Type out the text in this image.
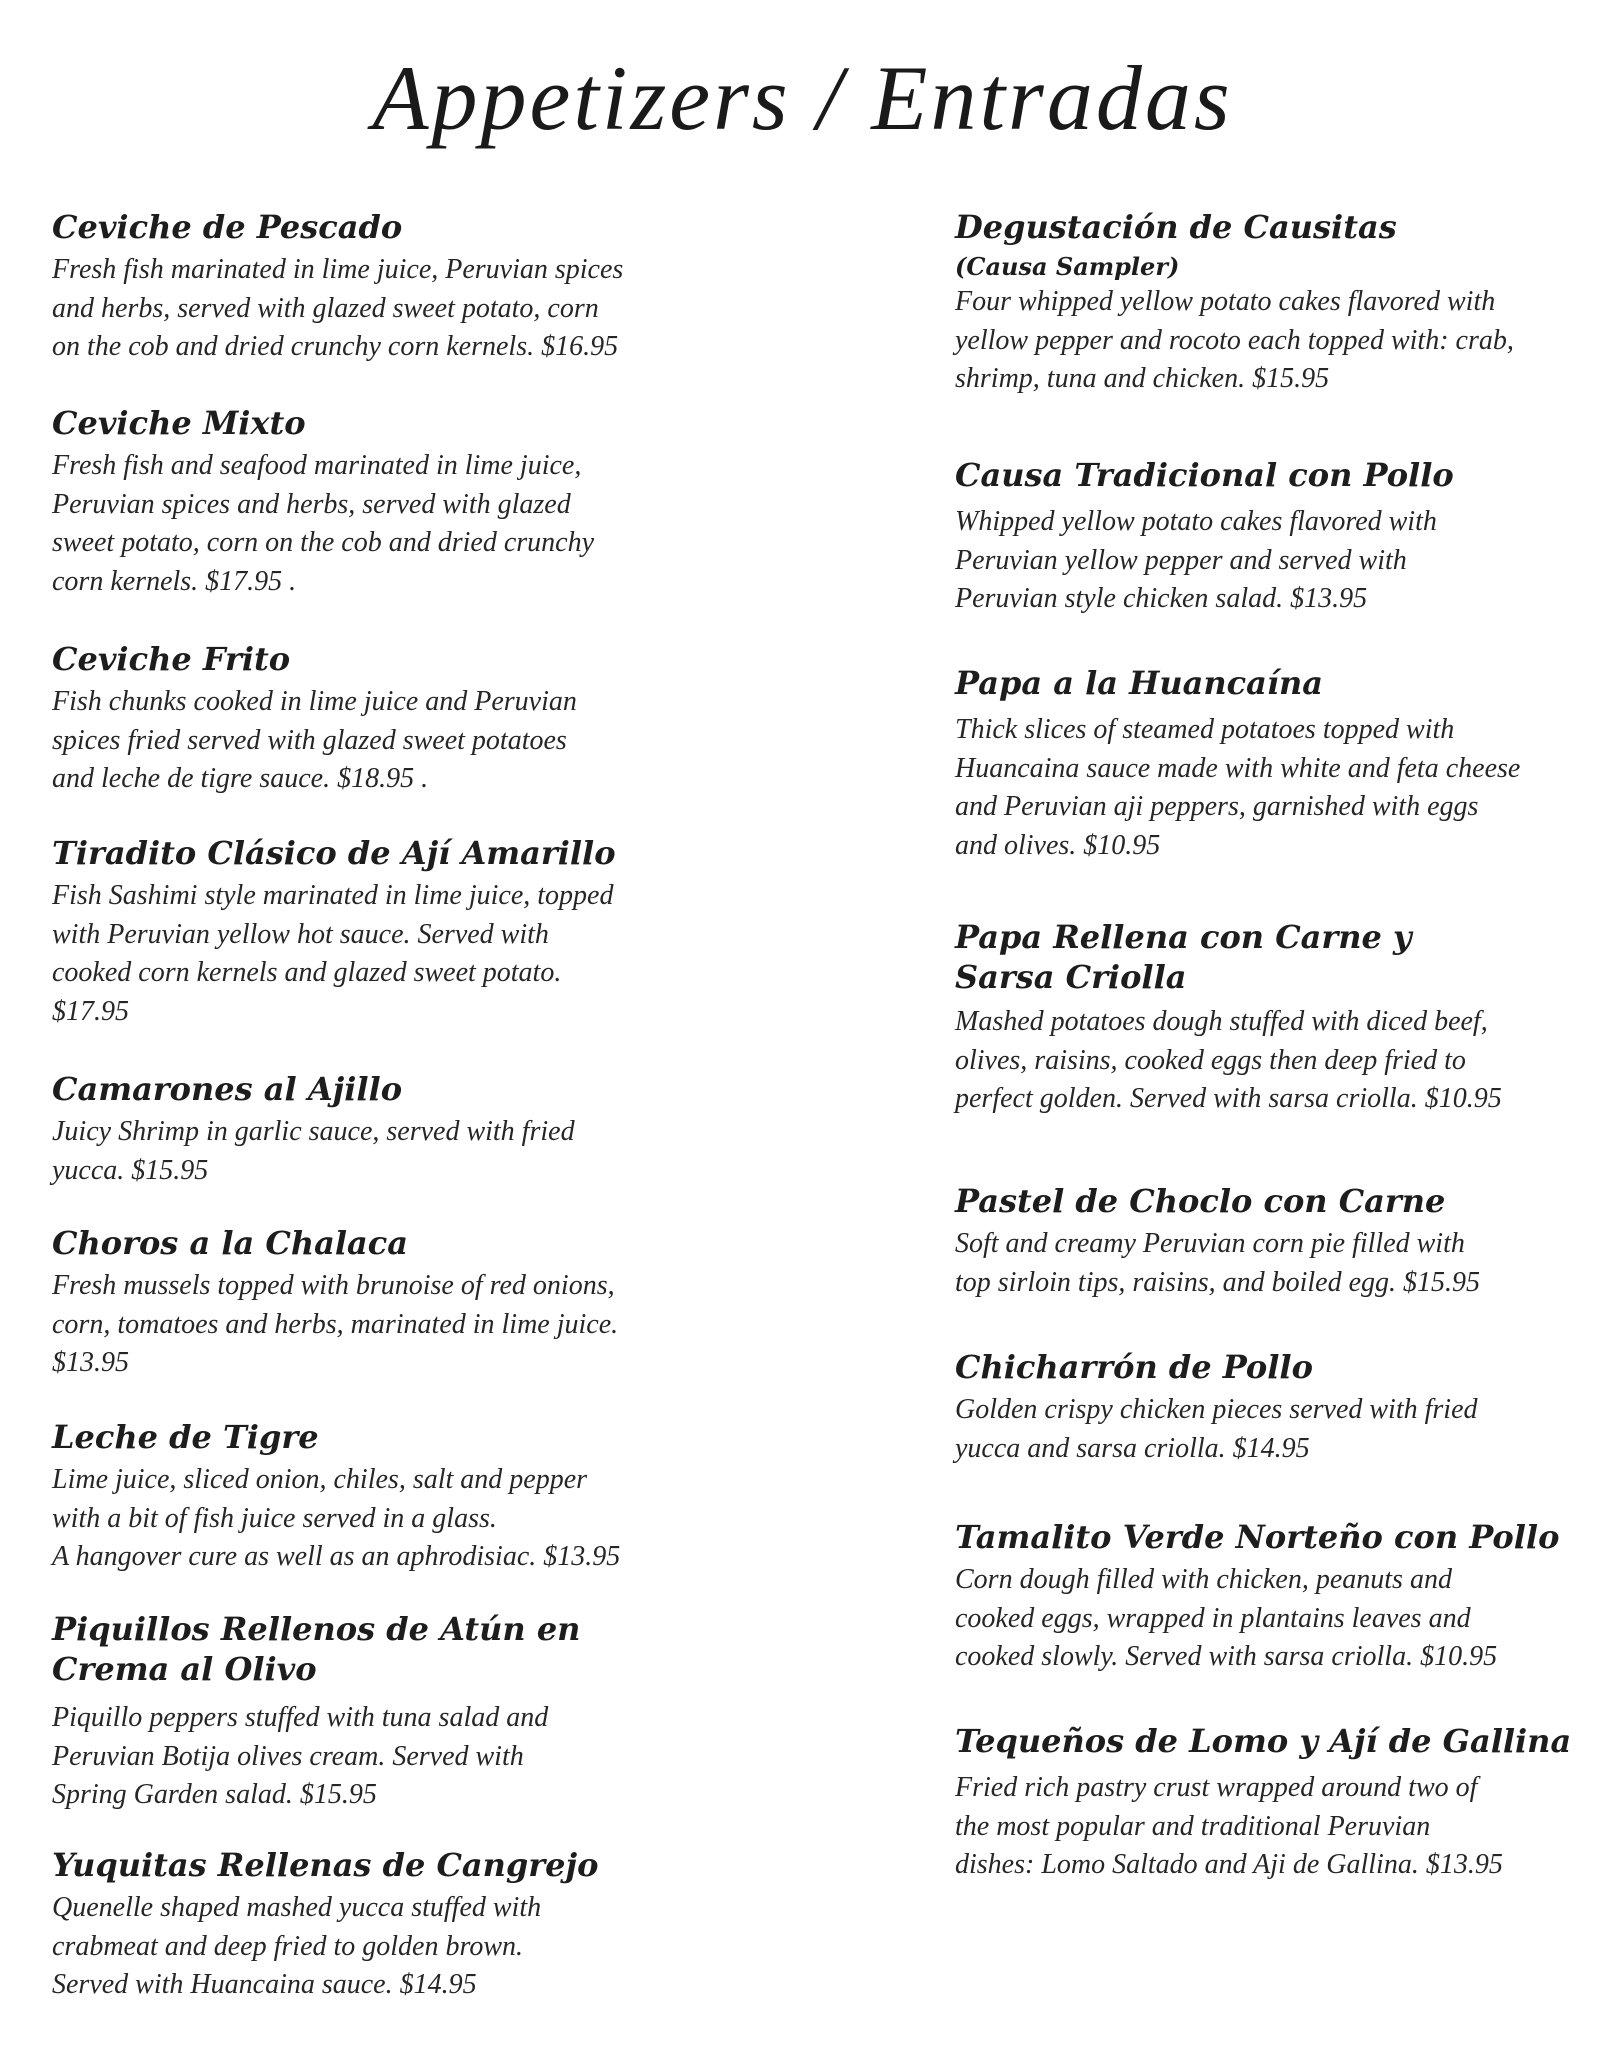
Appetizers / Entradas
Ceviche de Pescado
Fresh fish marinated in lime juice, Peruvian spices
and herbs, served with glazed sweet potato, corn
on the cob and dried crunchy corn kernels. $16.95
Ceviche Mixto
Fresh fish and seafood marinated in lime juice,
Peruvian spices and herbs, served with glazed
sweet potato, corn on the cob and dried crunchy
corn kernels. $17.95 .
Ceviche Frito
Fish chunks cooked in lime juice and Peruvian
spices fried served with glazed sweet potatoes
and leche de tigre sauce. $18.95 .
Tiradito Clásico de Ají Amarillo
Fish Sashimi style marinated in lime juice, topped
with Peruvian yellow hot sauce. Served with
cooked corn kernels and glazed sweet potato.
$17.95
Camarones al Ajillo
Juicy Shrimp in garlic sauce, served with fried
yucca. $15.95
Choros a la Chalaca
Fresh mussels topped with brunoise of red onions,
corn, tomatoes and herbs, marinated in lime juice.
$13.95
Leche de Tigre
Lime juice, sliced onion, chiles, salt and pepper
with a bit of fish juice served in a glass.
A hangover cure as well as an aphrodisiac. $13.95
Piquillos Rellenos de Atún en
Crema al Olivo
Piquillo peppers stuffed with tuna salad and
Peruvian Botija olives cream. Served with
Spring Garden salad. $15.95
Yuquitas Rellenas de Cangrejo
Quenelle shaped mashed yucca stuffed with
crabmeat and deep fried to golden brown.
Served with Huancaina sauce. $14.95
Degustación de Causitas
(Causa Sampler)
Four whipped yellow potato cakes flavored with
yellow pepper and rocoto each topped with: crab,
shrimp, tuna and chicken. $15.95
Causa Tradicional con Pollo
Whipped yellow potato cakes flavored with
Peruvian yellow pepper and served with
Peruvian style chicken salad. $13.95
Papa a la Huancaína
Thick slices of steamed potatoes topped with
Huancaina sauce made with white and feta cheese
and Peruvian aji peppers, garnished with eggs
and olives. $10.95
Papa Rellena con Carne y
Sarsa Criolla
Mashed potatoes dough stuffed with diced beef,
olives, raisins, cooked eggs then deep fried to
perfect golden. Served with sarsa criolla. $10.95
Pastel de Choclo con Carne
Soft and creamy Peruvian corn pie filled with
top sirloin tips, raisins, and boiled egg. $15.95
Chicharrón de Pollo
Golden crispy chicken pieces served with fried
yucca and sarsa criolla. $14.95
Tamalito Verde Norteño con Pollo
Corn dough filled with chicken, peanuts and
cooked eggs, wrapped in plantains leaves and
cooked slowly. Served with sarsa criolla. $10.95
Tequeños de Lomo y Ají de Gallina
Fried rich pastry crust wrapped around two of
the most popular and traditional Peruvian
dishes: Lomo Saltado and Aji de Gallina. $13.95
